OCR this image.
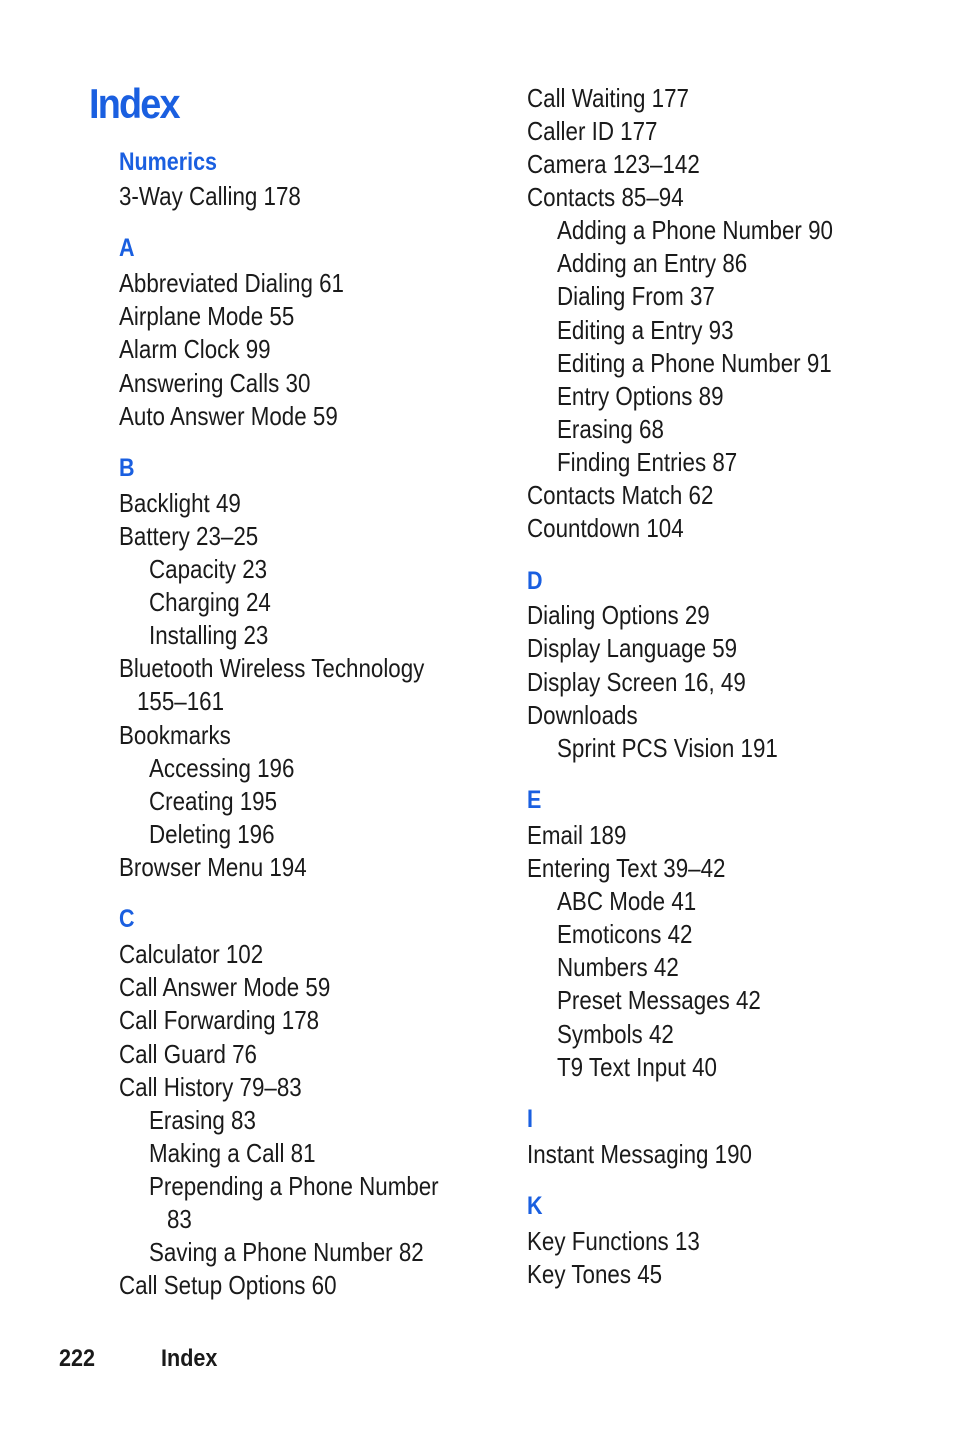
Index
Numerics
3-Way Calling 178
A
Abbreviated Dialing 61
Airplane Mode 55
Alarm Clock 99
Answering Calls 30
Auto Answer Mode 59
B
Backlight 49
Battery 23–25
Capacity 23
Charging 24
Installing 23
Bluetooth Wireless Technology
155–161
Bookmarks
Accessing 196
Creating 195
Deleting 196
Browser Menu 194
C
Calculator 102
Call Answer Mode 59
Call Forwarding 178
Call Guard 76
Call History 79–83
Erasing 83
Making a Call 81
Prepending a Phone Number
83
Saving a Phone Number 82
Call Setup Options 60
Call Waiting 177
Caller ID 177
Camera 123–142
Contacts 85–94
Adding a Phone Number 90
Adding an Entry 86
Dialing From 37
Editing a Entry 93
Editing a Phone Number 91
Entry Options 89
Erasing 68
Finding Entries 87
Contacts Match 62
Countdown 104
D
Dialing Options 29
Display Language 59
Display Screen 16, 49
Downloads
Sprint PCS Vision 191
E
Email 189
Entering Text 39–42
ABC Mode 41
Emoticons 42
Numbers 42
Preset Messages 42
Symbols 42
T9 Text Input 40
I
Instant Messaging 190
K
Key Functions 13
Key Tones 45
222	Index
